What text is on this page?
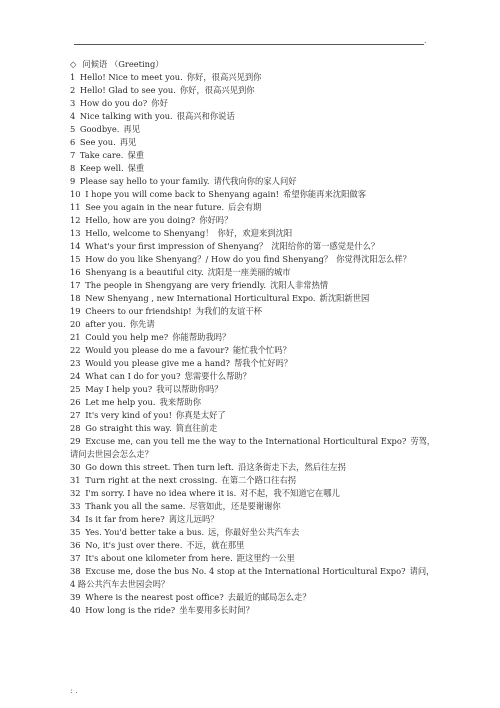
.
◇ 问候语 （Greeting）
1 Hello! Nice to meet you. 你好，很高兴见到你
2 Hello! Glad to see you. 你好，很高兴见到你
3 How do you do? 你好
4 Nice talking with you. 很高兴和你说话
5 Goodbye. 再见
6 See you. 再见
7 Take care. 保重
8 Keep well. 保重
9 Please say hello to your family. 请代我向你的家人问好
10 I hope you will come back to Shenyang again! 希望你能再来沈阳做客
11 See you again in the near future. 后会有期
12 Hello, how are you doing? 你好吗？
13 Hello, welcome to Shenyang！ 你好，欢迎来到沈阳
14 What's your first impression of Shenyang？ 沈阳给你的第一感觉是什么？
15 How do you like Shenyang？/ How do you find Shenyang？ 你觉得沈阳怎么样？
16 Shenyang is a beautiful city. 沈阳是一座美丽的城市
17 The people in Shengyang are very friendly. 沈阳人非常热情
18 New Shenyang , new International Horticultural Expo. 新沈阳新世园
19 Cheers to our friendship! 为我们的友谊干杯
20 after you. 你先请
21 Could you help me? 你能帮助我吗？
22 Would you please do me a favour? 能忙我个忙吗？
23 Would you please give me a hand? 帮我个忙好吗？
24 What can I do for you? 您需要什么帮助？
25 May I help you? 我可以帮助你吗？
26 Let me help you. 我来帮助你
27 It's very kind of you! 你真是太好了
28 Go straight this way. 简直往前走
29 Excuse me, can you tell me the way to the International Horticultural Expo? 劳驾，请问去世园会怎么走？
30 Go down this street. Then turn left. 沿这条街走下去，然后往左拐
31 Turn right at the next crossing. 在第二个路口往右拐
32 I'm sorry. I have no idea where it is. 对不起，我不知道它在哪儿
33 Thank you all the same. 尽管如此，还是要谢谢你
34 Is it far from here? 离这儿远吗？
35 Yes. You'd better take a bus. 远，你最好坐公共汽车去
36 No, it's just over there. 不远，就在那里
37 It's about one kilometer from here. 距这里约一公里
38 Excuse me, dose the bus No. 4 stop at the International Horticultural Expo? 请问， 4 路公共汽车去世园会吗？
39 Where is the nearest post office? 去最近的邮局怎么走？
40 How long is the ride? 坐车要用多长时间？
: .
